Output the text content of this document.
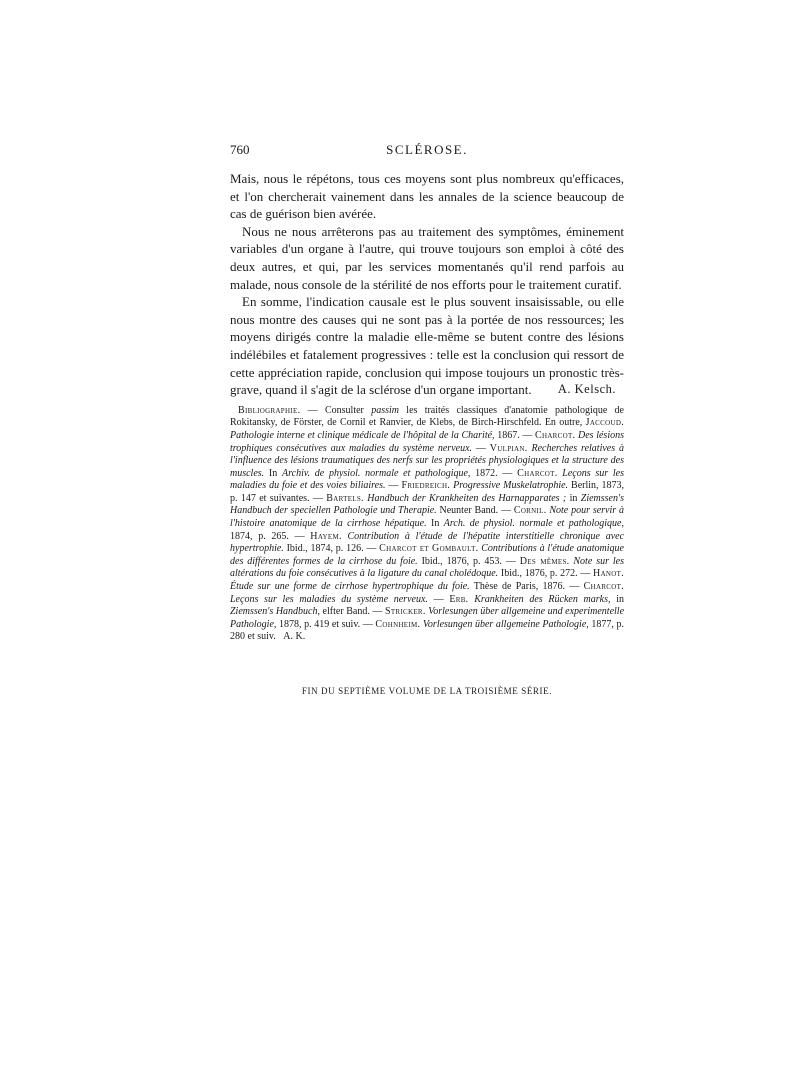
760	SCLÉROSE.

Mais, nous le répétons, tous ces moyens sont plus nombreux qu'efficaces, et l'on chercherait vainement dans les annales de la science beaucoup de cas de guérison bien avérée.

Nous ne nous arrêterons pas au traitement des symptômes, éminement variables d'un organe à l'autre, qui trouve toujours son emploi à côté des deux autres, et qui, par les services momentanés qu'il rend parfois au malade, nous console de la stérilité de nos efforts pour le traitement curatif.

En somme, l'indication causale est le plus souvent insaisissable, ou elle nous montre des causes qui ne sont pas à la portée de nos ressources; les moyens dirigés contre la maladie elle-même se butent contre des lésions indélébiles et fatalement progressives : telle est la conclusion qui ressort de cette appréciation rapide, conclusion qui impose toujours un pronostic très-grave, quand il s'agit de la sclérose d'un organe important.	A. Kelsch.
Bibliographie. — Consulter passim les traités classiques d'anatomie pathologique de Rokitansky, de Förster, de Cornil et Ranvier, de Klebs, de Birch-Hirschfeld. En outre, Jaccoud. Pathologie interne et clinique médicale de l'hôpital de la Charité, 1867. — Charcot. Des lésions trophiques consécutives aux maladies du système nerveux. — Vulpian. Recherches relatives à l'influence des lésions traumatiques des nerfs sur les propriétés physiologiques et la structure des muscles. In Archiv. de physiol. normale et pathologique, 1872. — Charcot. Leçons sur les maladies du foie et des voies biliaires. — Friedreich. Progressive Muskelatrophie. Berlin, 1873, p. 147 et suivantes. — Bartels. Handbuch der Krankheiten des Harnapparates ; in Ziemssen's Handbuch der speciellen Pathologie und Therapie. Neunter Band. — Cornil. Note pour servir à l'histoire anatomique de la cirrhose hépatique. In Arch. de physiol. normale et pathologique, 1874, p. 265. — Hayem. Contribution à l'étude de l'hépatite interstitielle chronique avec hypertrophie. Ibid., 1874, p. 126. — Charcot et Gombault. Contributions à l'étude anatomique des différentes formes de la cirrhose du foie. Ibid., 1876, p. 453. — Des mêmes. Note sur les altérations du foie consécutives à la ligature du canal cholédoque. Ibid., 1876, p. 272. — Hanot. Étude sur une forme de cirrhose hypertrophique du foie. Thèse de Paris, 1876. — Charcot. Leçons sur les maladies du système nerveux. — Erb. Krankheiten des Rücken marks, in Ziemssen's Handbuch, elfter Band. — Stricker. Vorlesungen über allgemeine und experimentelle Pathologie, 1878, p. 419 et suiv. — Cohnheim. Vorlesungen über allgemeine Pathologie, 1877, p. 280 et suiv. A. K.
FIN DU SEPTIÈME VOLUME DE LA TROISIÈME SÉRIE.
